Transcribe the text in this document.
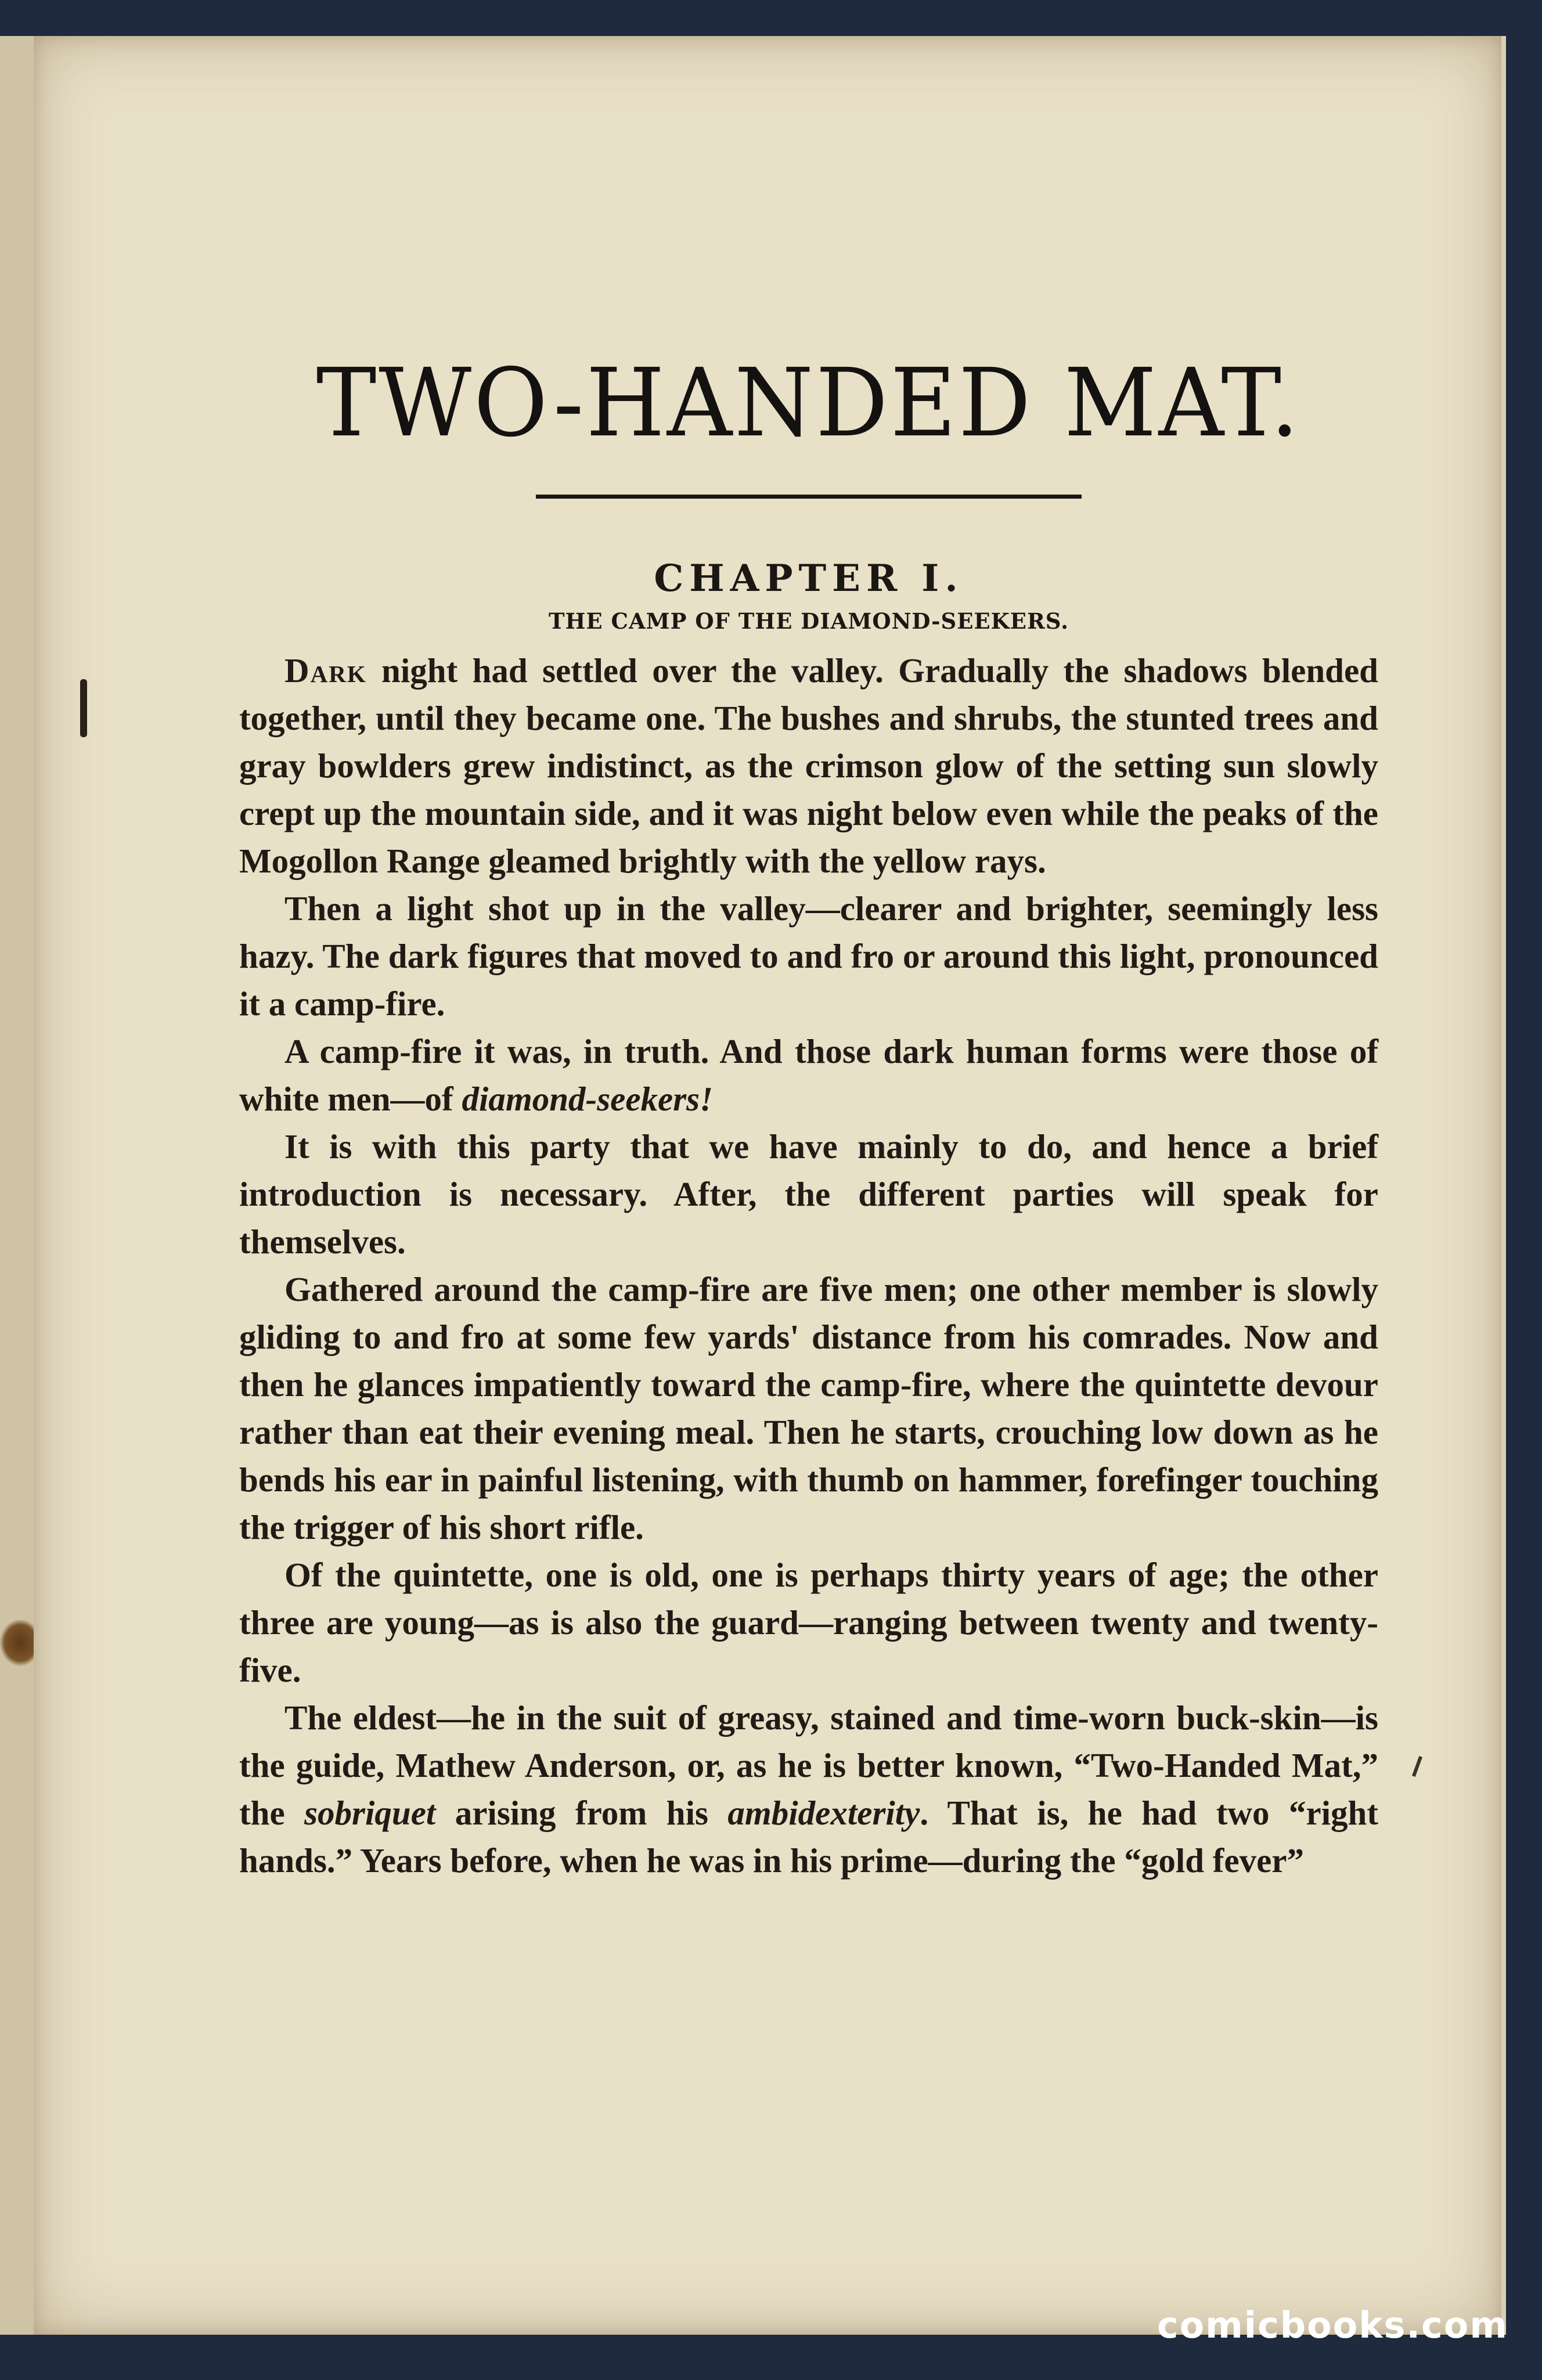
TWO-HANDED MAT.
CHAPTER I.
THE CAMP OF THE DIAMOND-SEEKERS.

Dark night had settled over the valley. Gradually the shadows blended together, until they became one. The bushes and shrubs, the stunted trees and gray bowlders grew indistinct, as the crimson glow of the setting sun slowly crept up the mountain side, and it was night below even while the peaks of the Mogollon Range gleamed brightly with the yellow rays.

Then a light shot up in the valley—clearer and brighter, seemingly less hazy. The dark figures that moved to and fro or around this light, pronounced it a camp-fire.

A camp-fire it was, in truth. And those dark human forms were those of white men—of diamond-seekers!

It is with this party that we have mainly to do, and hence a brief introduction is necessary. After, the different parties will speak for themselves.

Gathered around the camp-fire are five men; one other member is slowly gliding to and fro at some few yards' distance from his comrades. Now and then he glances impatiently toward the camp-fire, where the quintette devour rather than eat their evening meal. Then he starts, crouching low down as he bends his ear in painful listening, with thumb on hammer, forefinger touching the trigger of his short rifle.

Of the quintette, one is old, one is perhaps thirty years of age; the other three are young—as is also the guard—ranging between twenty and twenty-five.

The eldest—he in the suit of greasy, stained and time-worn buck-skin—is the guide, Mathew Anderson, or, as he is better known, “Two-Handed Mat,” the sobriquet arising from his ambidexterity. That is, he had two “right hands.” Years before, when he was in his prime—during the “gold fever”

comicbooks.com
